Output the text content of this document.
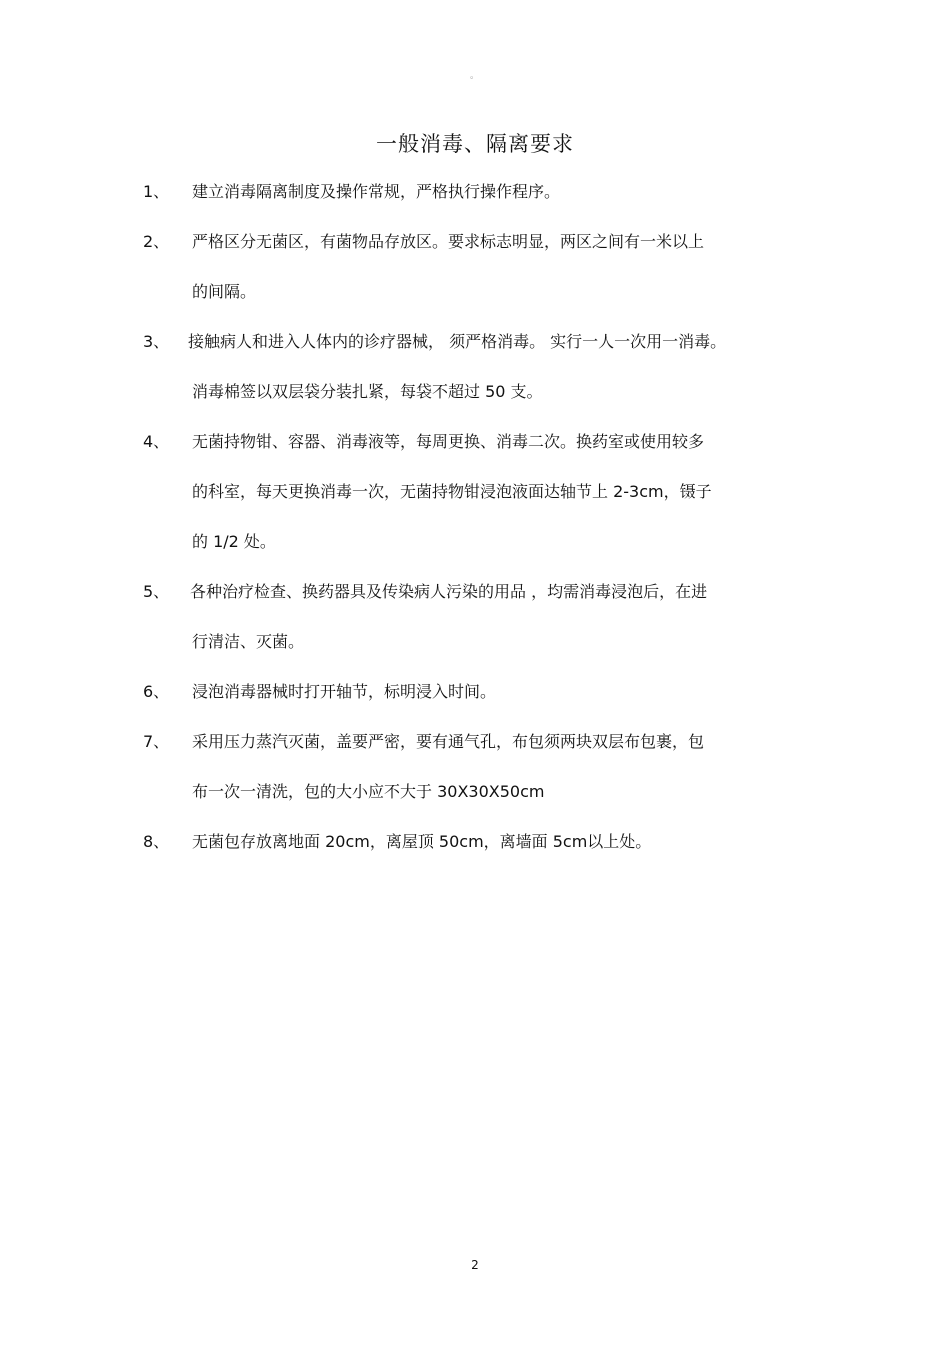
。
一般消毒、隔离要求
1、 建立消毒隔离制度及操作常规，严格执行操作程序。
2、 严格区分无菌区，有菌物品存放区。要求标志明显，两区之间有一米以上
的间隔。
3、 接触病人和进入人体内的诊疗器械， 须严格消毒。 实行一人一次用一消毒。
消毒棉签以双层袋分装扎紧，每袋不超过 50 支。
4、 无菌持物钳、容器、消毒液等，每周更换、消毒二次。换药室或使用较多
的科室，每天更换消毒一次，无菌持物钳浸泡液面达轴节上 2-3cm，镊子
的 1/2 处。
5、 各种治疗检查、换药器具及传染病人污染的用品 ，均需消毒浸泡后，在进
行清洁、灭菌。
6、 浸泡消毒器械时打开轴节，标明浸入时间。
7、 采用压力蒸汽灭菌，盖要严密，要有通气孔，布包须两块双层布包裹，包
布一次一清洗，包的大小应不大于 30X30X50cm
8、 无菌包存放离地面 20cm，离屋顶 50cm，离墙面 5cm以上处。
2
